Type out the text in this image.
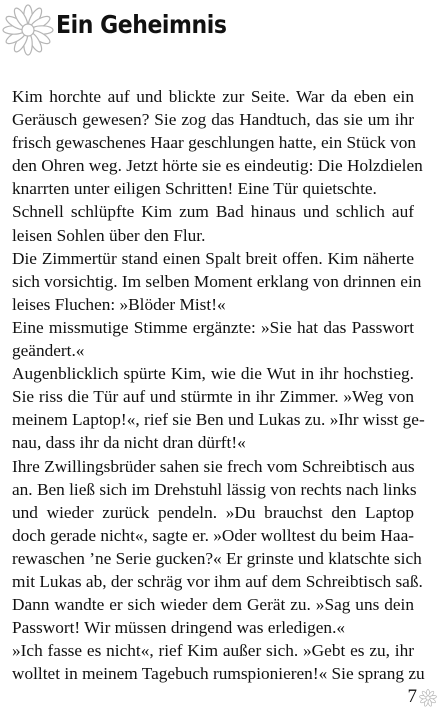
Ein Geheimnis
Kim horchte auf und blickte zur Seite. War da eben ein
Geräusch gewesen? Sie zog das Handtuch, das sie um ihr
frisch gewaschenes Haar geschlungen hatte, ein Stück von
den Ohren weg. Jetzt hörte sie es eindeutig: Die Holzdielen
knarrten unter eiligen Schritten! Eine Tür quietschte.
Schnell schlüpfte Kim zum Bad hinaus und schlich auf
leisen Sohlen über den Flur.
Die Zimmertür stand einen Spalt breit offen. Kim näherte
sich vorsichtig. Im selben Moment erklang von drinnen ein
leises Fluchen: »Blöder Mist!«
Eine missmutige Stimme ergänzte: »Sie hat das Passwort
geändert.«
Augenblicklich spürte Kim, wie die Wut in ihr hochstieg.
Sie riss die Tür auf und stürmte in ihr Zimmer. »Weg von
meinem Laptop!«, rief sie Ben und Lukas zu. »Ihr wisst ge-
nau, dass ihr da nicht dran dürft!«
Ihre Zwillingsbrüder sahen sie frech vom Schreibtisch aus
an. Ben ließ sich im Drehstuhl lässig von rechts nach links
und wieder zurück pendeln. »Du brauchst den Laptop
doch gerade nicht«, sagte er. »Oder wolltest du beim Haa-
rewaschen ’ne Serie gucken?« Er grinste und klatschte sich
mit Lukas ab, der schräg vor ihm auf dem Schreibtisch saß.
Dann wandte er sich wieder dem Gerät zu. »Sag uns dein
Passwort! Wir müssen dringend was erledigen.«
»Ich fasse es nicht«, rief Kim außer sich. »Gebt es zu, ihr
wolltet in meinem Tagebuch rumspionieren!« Sie sprang zu
7
